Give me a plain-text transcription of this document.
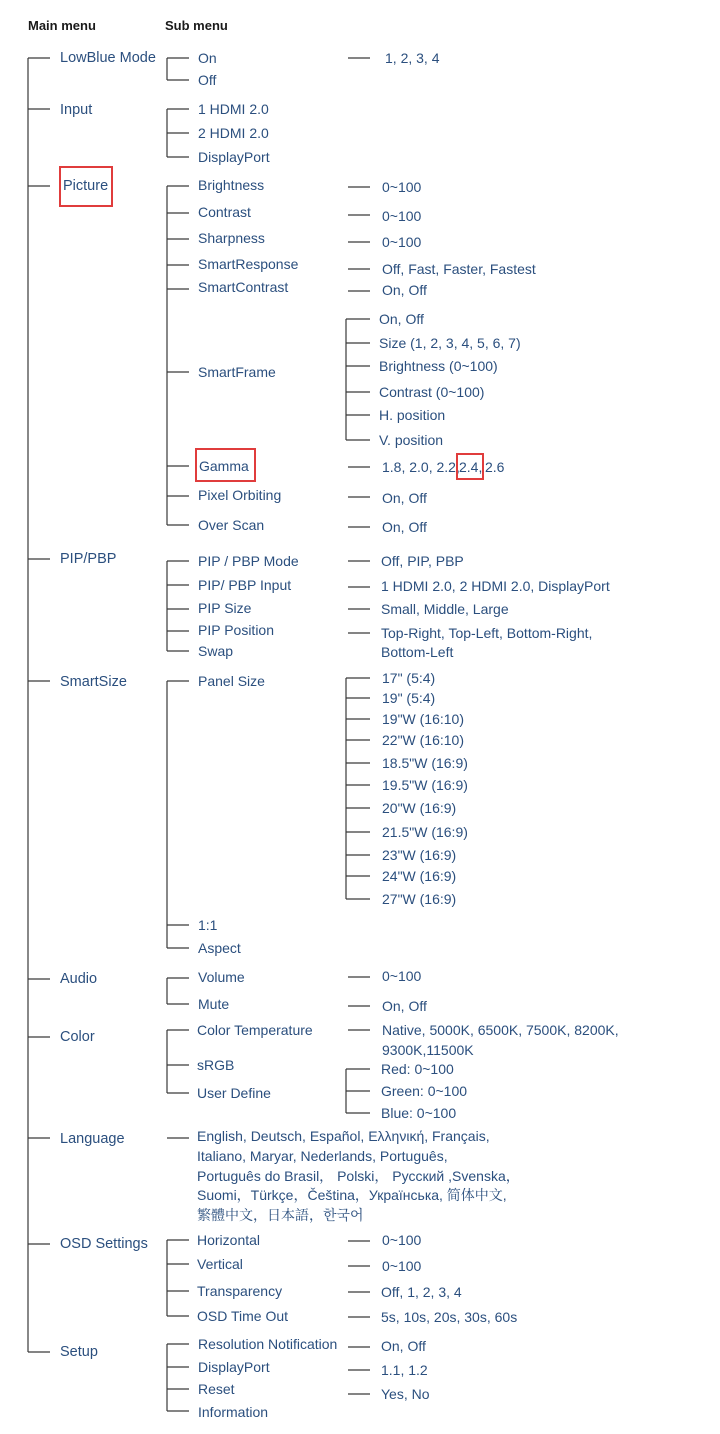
Main menu	Sub menu
LowBlue Mode
Input
Picture
PIP/PBP
SmartSize
Audio
Color
Language
OSD Settings
Setup
On
Off
1, 2, 3, 4
1 HDMI 2.0
2 HDMI 2.0
DisplayPort
Brightness
Contrast
Sharpness
SmartResponse
SmartContrast
SmartFrame
Gamma
Pixel Orbiting
Over Scan
0~100
0~100
0~100
Off, Fast, Faster, Fastest
On, Off
On, Off
Size (1, 2, 3, 4, 5, 6, 7)
Brightness (0~100)
Contrast (0~100)
H. position
V. position
1.8, 2.0, 2.2, 2.4, 2.6
On, Off
On, Off
PIP / PBP Mode
PIP/ PBP Input
PIP Size
PIP Position
Swap
Off, PIP, PBP
1 HDMI 2.0, 2 HDMI 2.0, DisplayPort
Small, Middle, Large
Top-Right, Top-Left, Bottom-Right,
Bottom-Left
Panel Size
1:1
Aspect
17" (5:4)
19" (5:4)
19"W (16:10)
22"W (16:10)
18.5"W (16:9)
19.5"W (16:9)
20"W (16:9)
21.5"W (16:9)
23"W (16:9)
24"W (16:9)
27"W (16:9)
Volume
Mute
0~100
On, Off
Color Temperature
sRGB
User Define
Native, 5000K, 6500K, 7500K, 8200K,
9300K,11500K
Red: 0~100
Green: 0~100
Blue: 0~100
English, Deutsch, Español, Ελληνική, Français,
Italiano, Maryar, Nederlands, Português,
Português do Brasil， Polski， Русский ,Svenska，
Suomi，Türkçe，Čeština，Українська, 简体中文,
繁體中文，日本語，한국어
Horizontal
Vertical
Transparency
OSD Time Out
0~100
0~100
Off, 1, 2, 3, 4
5s, 10s, 20s, 30s, 60s
Resolution Notification
DisplayPort
Reset
Information
On, Off
1.1, 1.2
Yes, No
